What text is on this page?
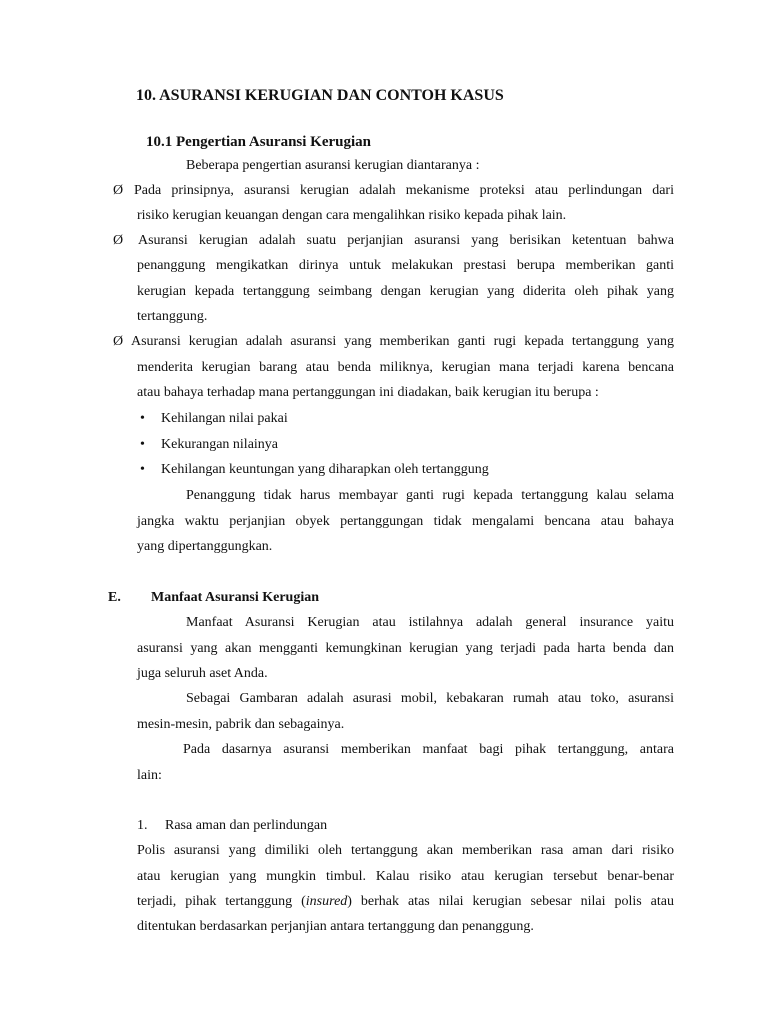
10. ASURANSI KERUGIAN DAN CONTOH KASUS
10.1 Pengertian Asuransi Kerugian
Beberapa pengertian asuransi kerugian diantaranya :
Ø Pada prinsipnya, asuransi kerugian adalah mekanisme proteksi atau perlindungan dari
risiko kerugian keuangan dengan cara mengalihkan risiko kepada pihak lain.
Ø Asuransi kerugian adalah suatu perjanjian asuransi yang berisikan ketentuan bahwa
penanggung mengikatkan dirinya untuk melakukan prestasi berupa memberikan ganti
kerugian kepada tertanggung seimbang dengan kerugian yang diderita oleh pihak yang
tertanggung.
Ø Asuransi kerugian adalah asuransi yang memberikan ganti rugi kepada tertanggung yang
menderita kerugian barang atau benda miliknya, kerugian mana terjadi karena bencana
atau bahaya terhadap mana pertanggungan ini diadakan, baik kerugian itu berupa :
• Kehilangan nilai pakai
• Kekurangan nilainya
• Kehilangan keuntungan yang diharapkan oleh tertanggung
Penanggung tidak harus membayar ganti rugi kepada tertanggung kalau selama
jangka waktu perjanjian obyek pertanggungan tidak mengalami bencana atau bahaya
yang dipertanggungkan.
E. Manfaat Asuransi Kerugian
Manfaat Asuransi Kerugian atau istilahnya adalah general insurance yaitu
asuransi yang akan mengganti kemungkinan kerugian yang terjadi pada harta benda dan
juga seluruh aset Anda.
Sebagai Gambaran adalah asurasi mobil, kebakaran rumah atau toko, asuransi
mesin-mesin, pabrik dan sebagainya.
Pada dasarnya asuransi memberikan manfaat bagi pihak tertanggung, antara
lain:
1. Rasa aman dan perlindungan
Polis asuransi yang dimiliki oleh tertanggung akan memberikan rasa aman dari risiko
atau kerugian yang mungkin timbul. Kalau risiko atau kerugian tersebut benar-benar
terjadi, pihak tertanggung (insured) berhak atas nilai kerugian sebesar nilai polis atau
ditentukan berdasarkan perjanjian antara tertanggung dan penanggung.
